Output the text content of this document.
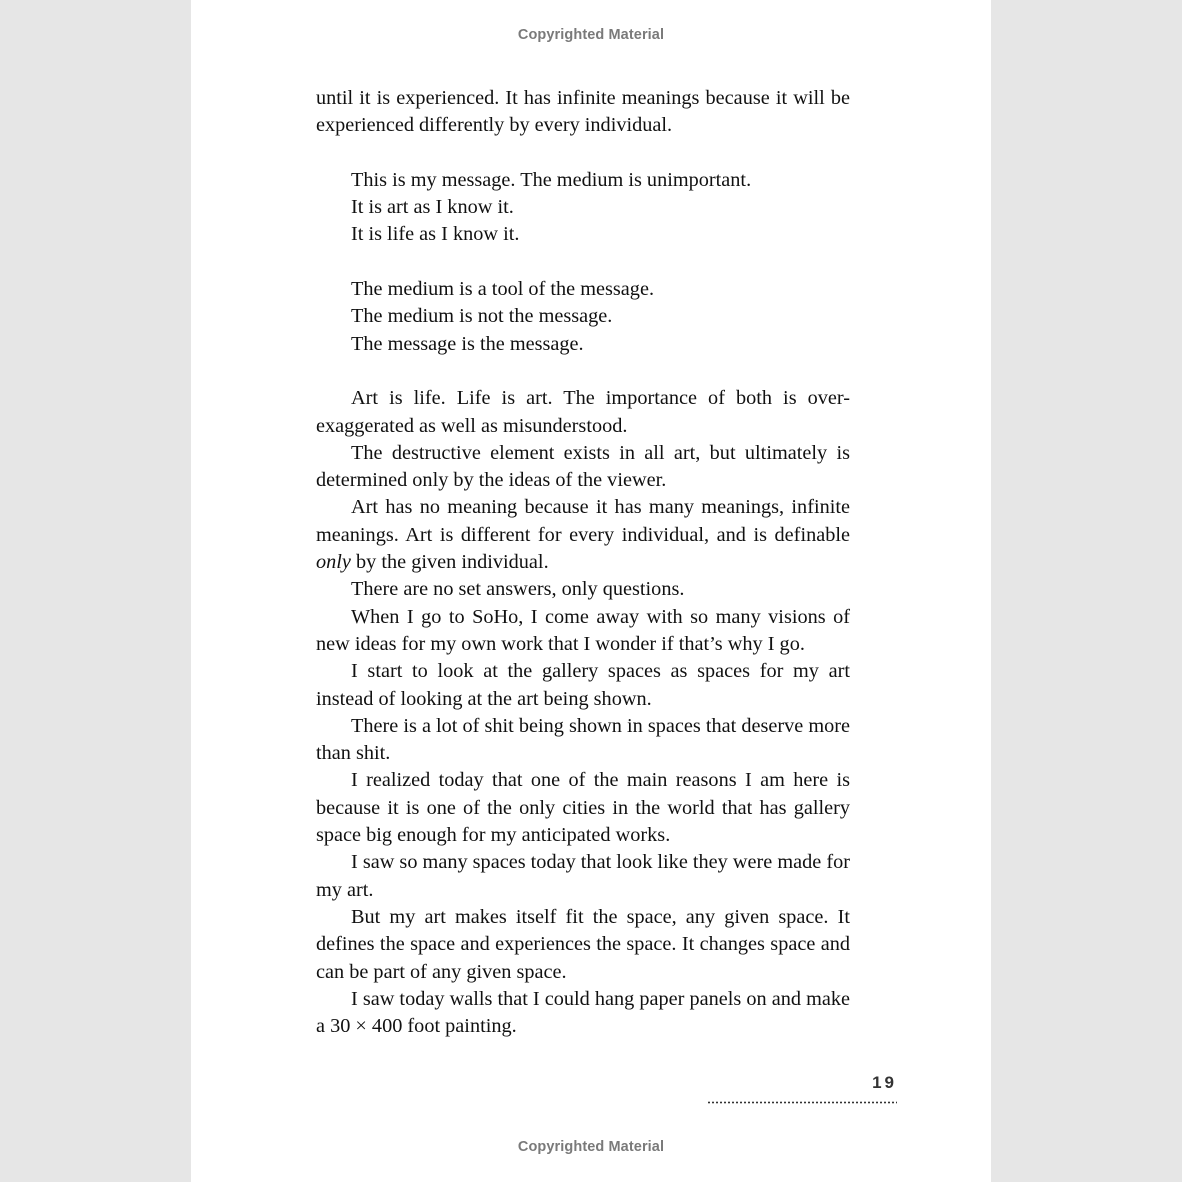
Copyrighted Material

until it is experienced. It has infinite meanings because it will be experienced differently by every individual.

This is my message. The medium is unimportant.
It is art as I know it.
It is life as I know it.
The medium is a tool of the message.
The medium is not the message.
The message is the message.

Art is life. Life is art. The importance of both is over-exaggerated as well as misunderstood.

The destructive element exists in all art, but ultimately is determined only by the ideas of the viewer.

Art has no meaning because it has many meanings, infinite meanings. Art is different for every individual, and is definable only by the given individual.

There are no set answers, only questions.

When I go to SoHo, I come away with so many visions of new ideas for my own work that I wonder if that’s why I go.

I start to look at the gallery spaces as spaces for my art instead of looking at the art being shown.

There is a lot of shit being shown in spaces that deserve more than shit.

I realized today that one of the main reasons I am here is because it is one of the only cities in the world that has gallery space big enough for my anticipated works.

I saw so many spaces today that look like they were made for my art.

But my art makes itself fit the space, any given space. It defines the space and experiences the space. It changes space and can be part of any given space.

I saw today walls that I could hang paper panels on and make a 30 × 400 foot painting.

19
Copyrighted Material
